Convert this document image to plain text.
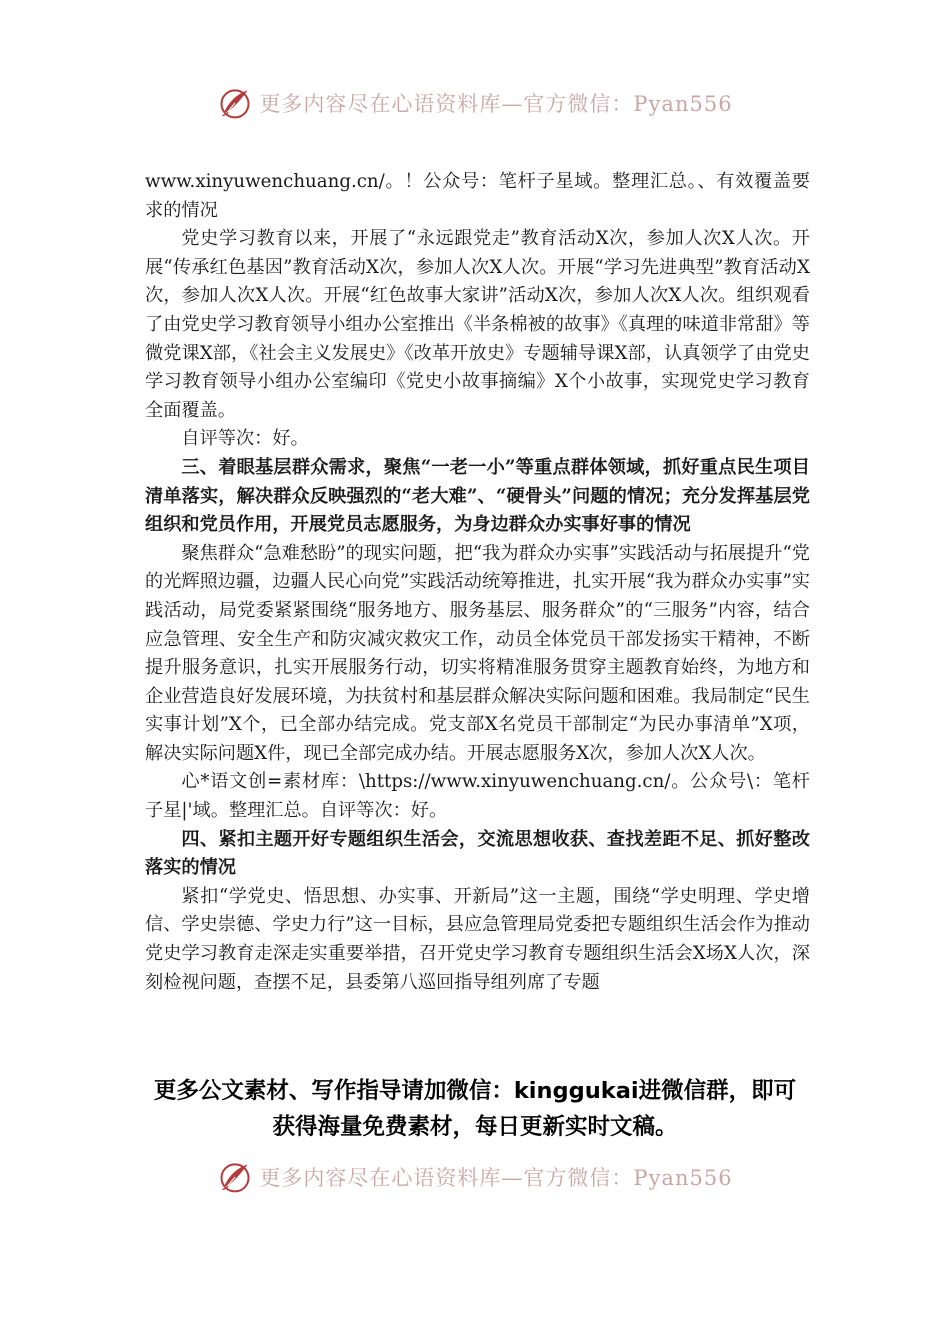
更多内容尽在心语资料库—官方微信：Pyan556

www.xinyuwenchuang.cn/。！公众号：笔杆子星域。整理汇总。、有效覆盖要求的情况

党史学习教育以来，开展了“永远跟党走”教育活动X次，参加人次X人次。开展“传承红色基因”教育活动X次，参加人次X人次。开展“学习先进典型”教育活动X次，参加人次X人次。开展“红色故事大家讲”活动X次，参加人次X人次。组织观看了由党史学习教育领导小组办公室推出《半条棉被的故事》《真理的味道非常甜》等微党课X部，《社会主义发展史》《改革开放史》专题辅导课X部，认真领学了由党史学习教育领导小组办公室编印《党史小故事摘编》X个小故事，实现党史学习教育全面覆盖。

自评等次：好。

三、着眼基层群众需求，聚焦“一老一小”等重点群体领域，抓好重点民生项目清单落实，解决群众反映强烈的“老大难”、“硬骨头”问题的情况；充分发挥基层党组织和党员作用，开展党员志愿服务，为身边群众办实事好事的情况

聚焦群众“急难愁盼”的现实问题，把“我为群众办实事”实践活动与拓展提升“党的光辉照边疆，边疆人民心向党”实践活动统筹推进，扎实开展“我为群众办实事”实践活动，局党委紧紧围绕“服务地方、服务基层、服务群众”的“三服务”内容，结合应急管理、安全生产和防灾减灾救灾工作，动员全体党员干部发扬实干精神，不断提升服务意识，扎实开展服务行动，切实将精准服务贯穿主题教育始终，为地方和企业营造良好发展环境，为扶贫村和基层群众解决实际问题和困难。我局制定“民生实事计划”X个，已全部办结完成。党支部X名党员干部制定“为民办事清单”X项，解决实际问题X件，现已全部完成办结。开展志愿服务X次，参加人次X人次。

心*语文创=素材库：\https://www.xinyuwenchuang.cn/。公众号\：笔杆子星|'域。整理汇总。自评等次：好。

四、紧扣主题开好专题组织生活会，交流思想收获、查找差距不足、抓好整改落实的情况

紧扣“学党史、悟思想、办实事、开新局”这一主题，围绕“学史明理、学史增信、学史崇德、学史力行”这一目标，县应急管理局党委把专题组织生活会作为推动党史学习教育走深走实重要举措，召开党史学习教育专题组织生活会X场X人次，深刻检视问题，查摆不足，县委第八巡回指导组列席了专题

更多公文素材、写作指导请加微信：kinggukai进微信群，即可
获得海量免费素材，每日更新实时文稿。
更多内容尽在心语资料库—官方微信：Pyan556
